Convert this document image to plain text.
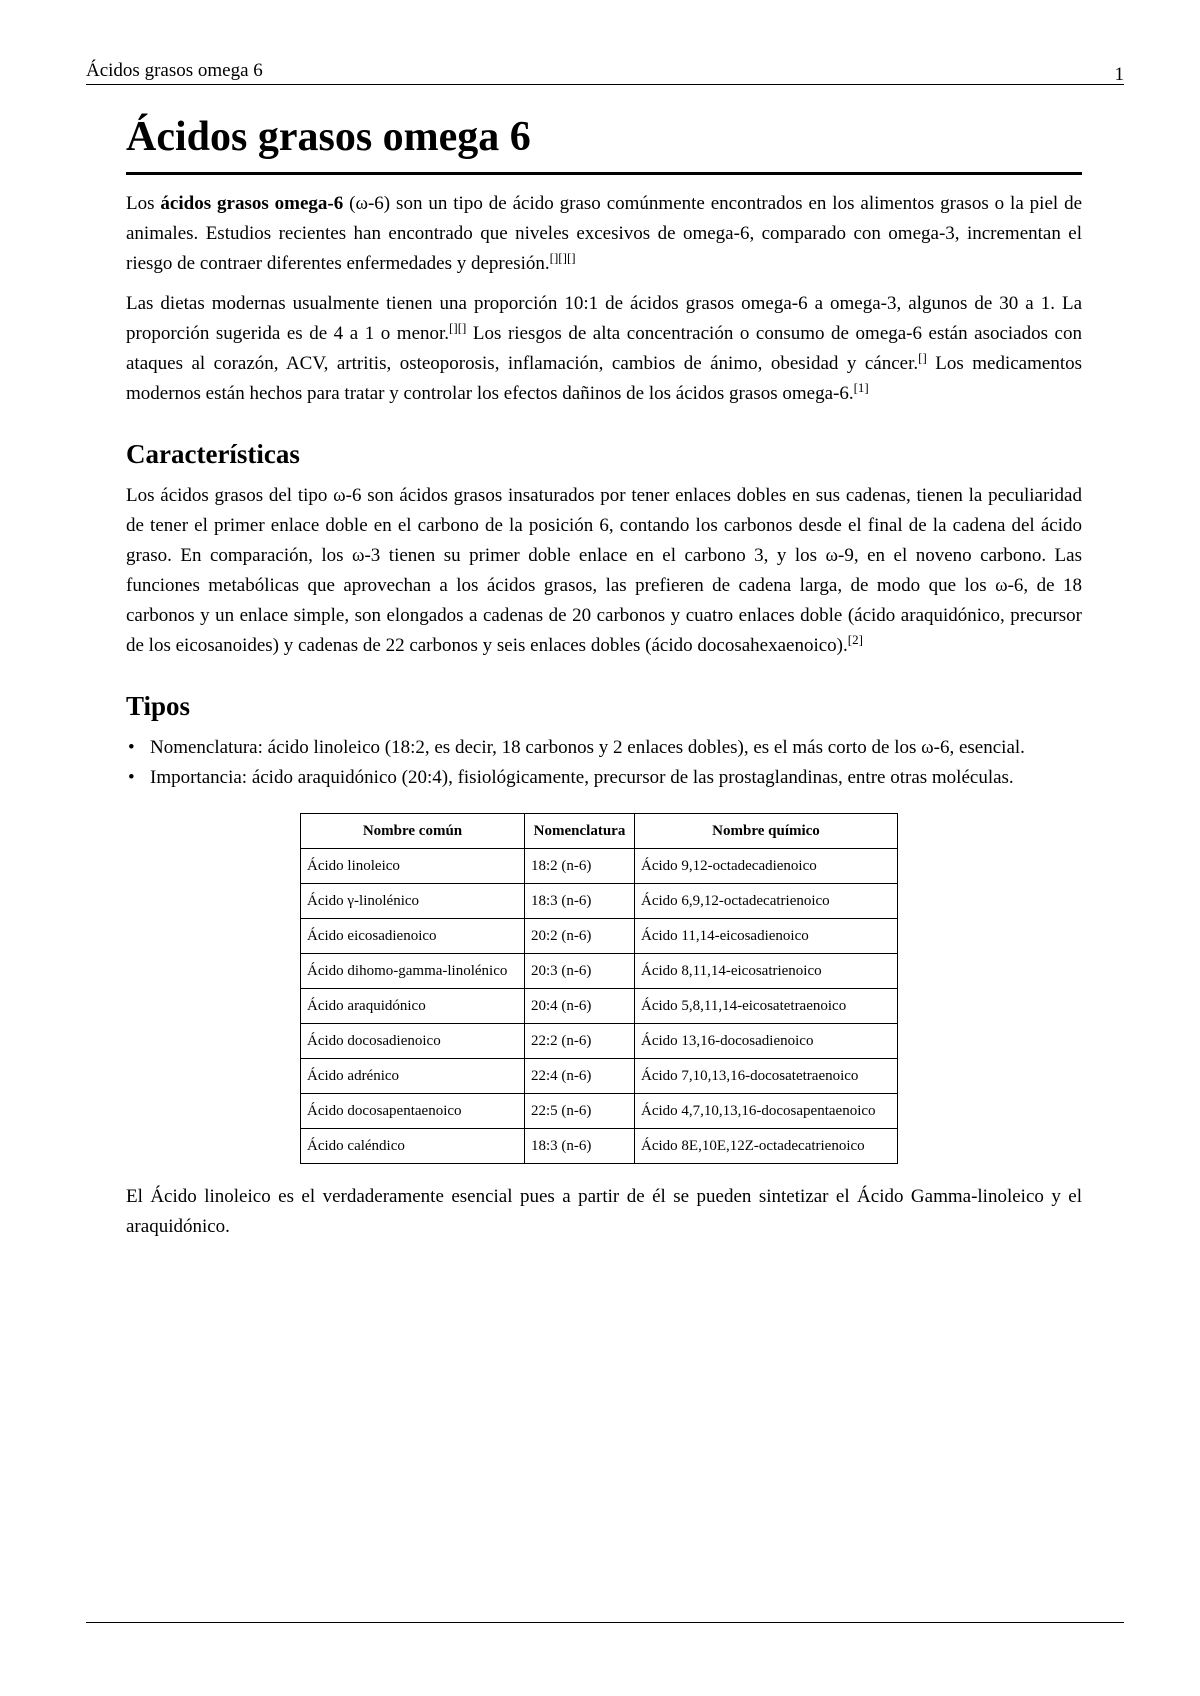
Ácidos grasos omega 6	1
Ácidos grasos omega 6

Los ácidos grasos omega-6 (ω-6) son un tipo de ácido graso comúnmente encontrados en los alimentos grasos o la piel de animales. Estudios recientes han encontrado que niveles excesivos de omega-6, comparado con omega-3, incrementan el riesgo de contraer diferentes enfermedades y depresión.[][][]

Las dietas modernas usualmente tienen una proporción 10:1 de ácidos grasos omega-6 a omega-3, algunos de 30 a 1. La proporción sugerida es de 4 a 1 o menor.[][] Los riesgos de alta concentración o consumo de omega-6 están asociados con ataques al corazón, ACV, artritis, osteoporosis, inflamación, cambios de ánimo, obesidad y cáncer.[] Los medicamentos modernos están hechos para tratar y controlar los efectos dañinos de los ácidos grasos omega-6.[1]

Características

Los ácidos grasos del tipo ω-6 son ácidos grasos insaturados por tener enlaces dobles en sus cadenas, tienen la peculiaridad de tener el primer enlace doble en el carbono de la posición 6, contando los carbonos desde el final de la cadena del ácido graso. En comparación, los ω-3 tienen su primer doble enlace en el carbono 3, y los ω-9, en el noveno carbono. Las funciones metabólicas que aprovechan a los ácidos grasos, las prefieren de cadena larga, de modo que los ω-6, de 18 carbonos y un enlace simple, son elongados a cadenas de 20 carbonos y cuatro enlaces doble (ácido araquidónico, precursor de los eicosanoides) y cadenas de 22 carbonos y seis enlaces dobles (ácido docosahexaenoico).[2]

Tipos
• Nomenclatura: ácido linoleico (18:2, es decir, 18 carbonos y 2 enlaces dobles), es el más corto de los ω-6, esencial.
• Importancia: ácido araquidónico (20:4), fisiológicamente, precursor de las prostaglandinas, entre otras moléculas.
Nombre común	Nomenclatura	Nombre químico
Ácido linoleico	18:2 (n-6)	Ácido 9,12-octadecadienoico
Ácido γ-linolénico	18:3 (n-6)	Ácido 6,9,12-octadecatrienoico
Ácido eicosadienoico	20:2 (n-6)	Ácido 11,14-eicosadienoico
Ácido dihomo-gamma-linolénico	20:3 (n-6)	Ácido 8,11,14-eicosatrienoico
Ácido araquidónico	20:4 (n-6)	Ácido 5,8,11,14-eicosatetraenoico
Ácido docosadienoico	22:2 (n-6)	Ácido 13,16-docosadienoico
Ácido adrénico	22:4 (n-6)	Ácido 7,10,13,16-docosatetraenoico
Ácido docosapentaenoico	22:5 (n-6)	Ácido 4,7,10,13,16-docosapentaenoico
Ácido caléndico	18:3 (n-6)	Ácido 8E,10E,12Z-octadecatrienoico

El Ácido linoleico es el verdaderamente esencial pues a partir de él se pueden sintetizar el Ácido Gamma-linoleico y el araquidónico.
